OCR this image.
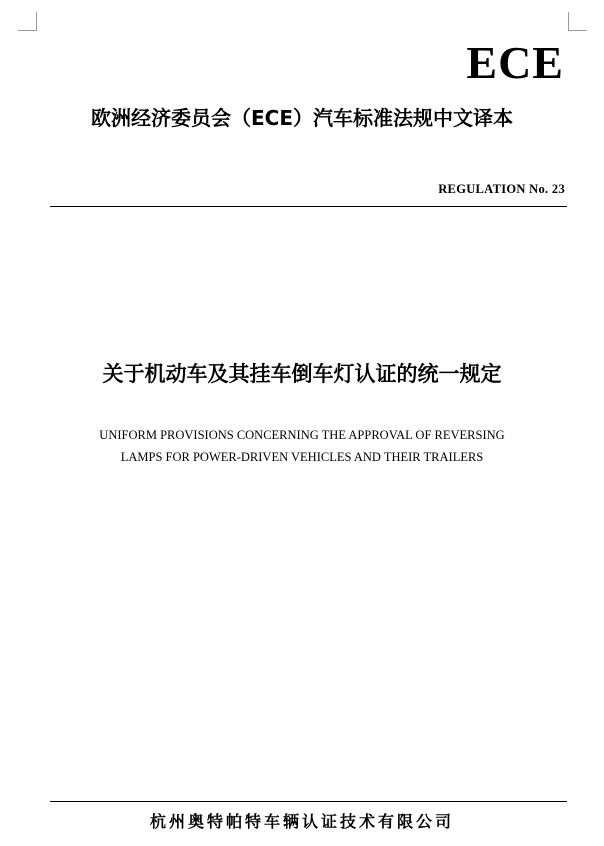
ECE
欧洲经济委员会（ECE）汽车标准法规中文译本
REGULATION No. 23
关于机动车及其挂车倒车灯认证的统一规定
UNIFORM PROVISIONS CONCERNING THE APPROVAL OF REVERSING
LAMPS FOR POWER-DRIVEN VEHICLES AND THEIR TRAILERS
杭州奥特帕特车辆认证技术有限公司
